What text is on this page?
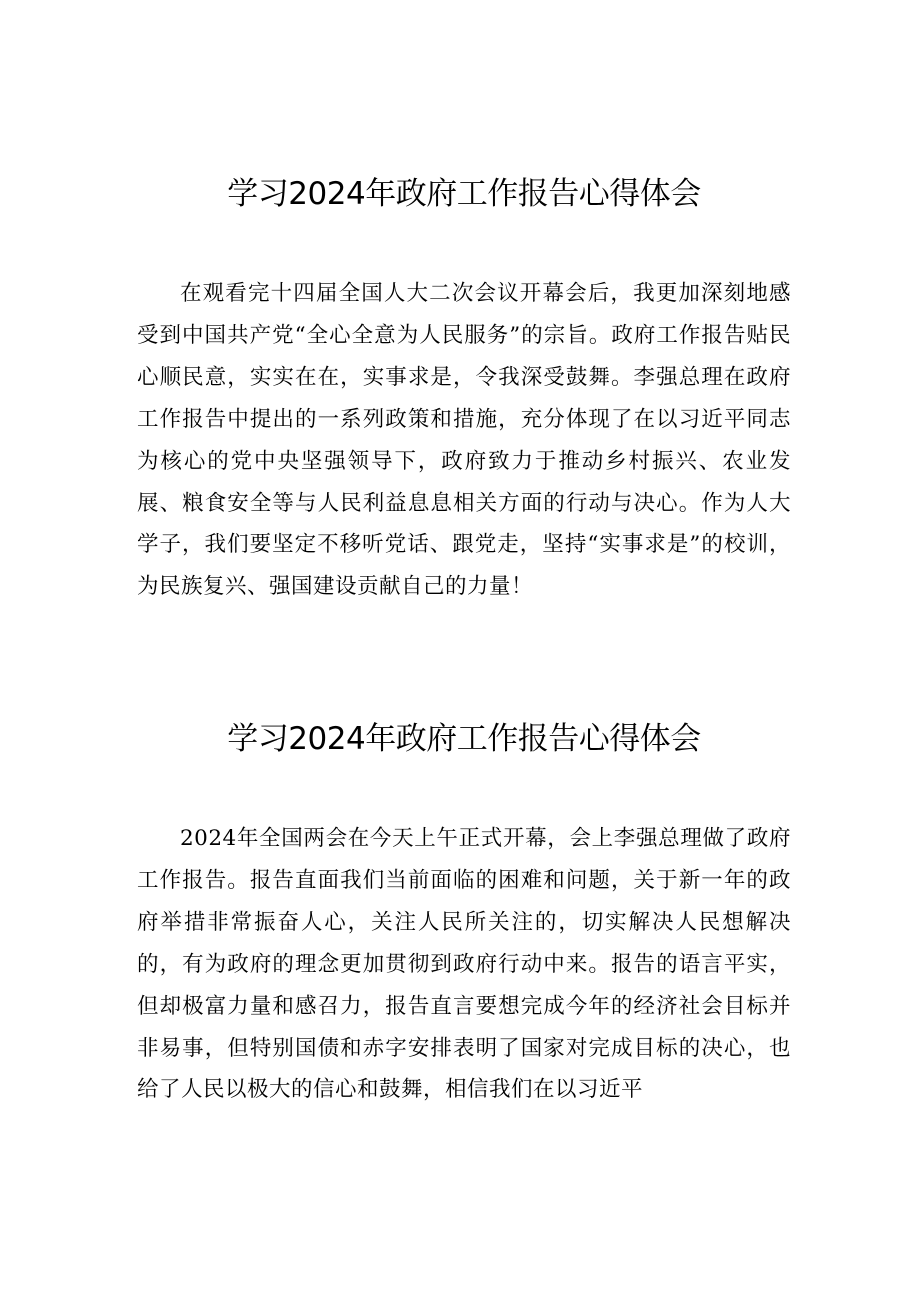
学习2024年政府工作报告心得体会

在观看完十四届全国人大二次会议开幕会后，我更加深刻地感受到中国共产党“全心全意为人民服务”的宗旨。政府工作报告贴民心顺民意，实实在在，实事求是，令我深受鼓舞。李强总理在政府工作报告中提出的一系列政策和措施，充分体现了在以习近平同志为核心的党中央坚强领导下，政府致力于推动乡村振兴、农业发展、粮食安全等与人民利益息息相关方面的行动与决心。作为人大学子，我们要坚定不移听党话、跟党走，坚持“实事求是”的校训，为民族复兴、强国建设贡献自己的力量！

学习2024年政府工作报告心得体会

2024年全国两会在今天上午正式开幕，会上李强总理做了政府工作报告。报告直面我们当前面临的困难和问题，关于新一年的政府举措非常振奋人心，关注人民所关注的，切实解决人民想解决的，有为政府的理念更加贯彻到政府行动中来。报告的语言平实，但却极富力量和感召力，报告直言要想完成今年的经济社会目标并非易事，但特别国债和赤字安排表明了国家对完成目标的决心，也给了人民以极大的信心和鼓舞，相信我们在以习近平
